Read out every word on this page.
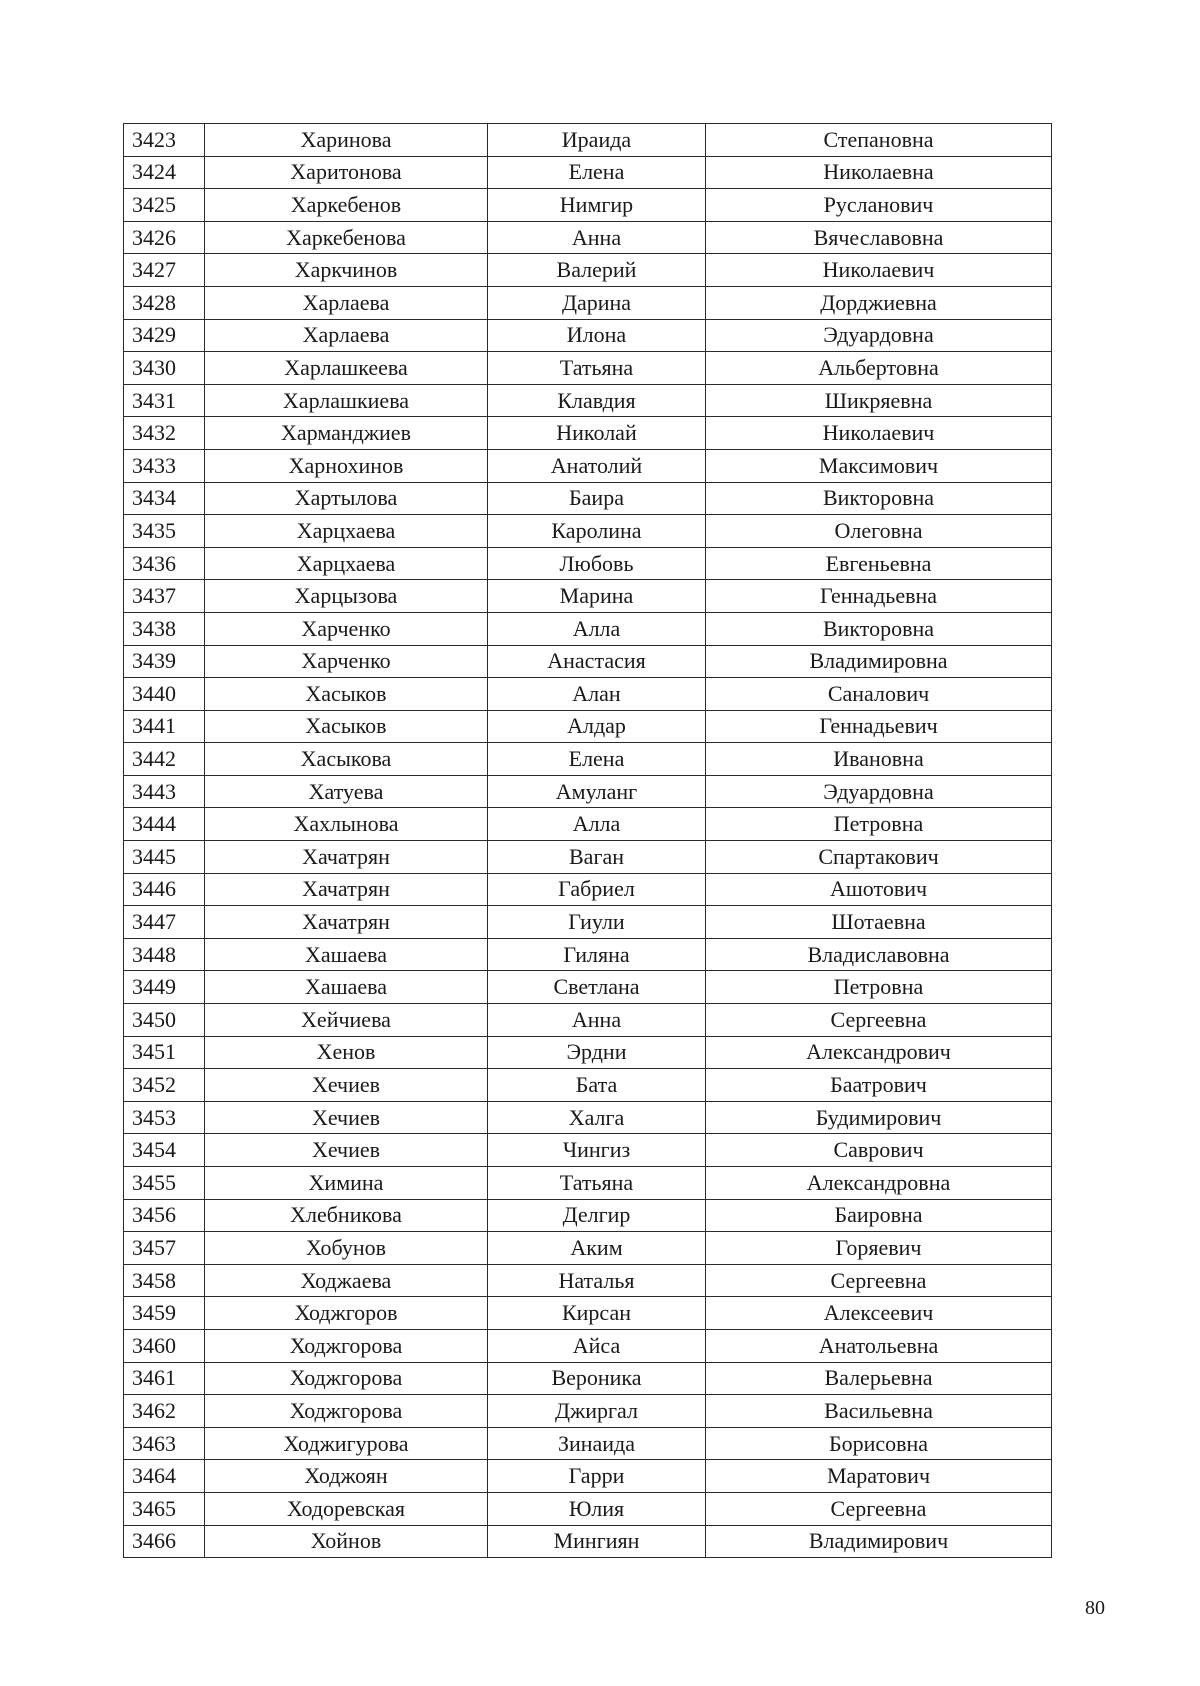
3423	Харинова	Ираида	Степановна
3424	Харитонова	Елена	Николаевна
3425	Харкебенов	Нимгир	Русланович
3426	Харкебенова	Анна	Вячеславовна
3427	Харкчинов	Валерий	Николаевич
3428	Харлаева	Дарина	Дорджиевна
3429	Харлаева	Илона	Эдуардовна
3430	Харлашкеева	Татьяна	Альбертовна
3431	Харлашкиева	Клавдия	Шикряевна
3432	Харманджиев	Николай	Николаевич
3433	Харнохинов	Анатолий	Максимович
3434	Хартылова	Баира	Викторовна
3435	Харцхаева	Каролина	Олеговна
3436	Харцхаева	Любовь	Евгеньевна
3437	Харцызова	Марина	Геннадьевна
3438	Харченко	Алла	Викторовна
3439	Харченко	Анастасия	Владимировна
3440	Хасыков	Алан	Саналович
3441	Хасыков	Алдар	Геннадьевич
3442	Хасыкова	Елена	Ивановна
3443	Хатуева	Амуланг	Эдуардовна
3444	Хахлынова	Алла	Петровна
3445	Хачатрян	Ваган	Спартакович
3446	Хачатрян	Габриел	Ашотович
3447	Хачатрян	Гиули	Шотаевна
3448	Хашаева	Гиляна	Владиславовна
3449	Хашаева	Светлана	Петровна
3450	Хейчиева	Анна	Сергеевна
3451	Хенов	Эрдни	Александрович
3452	Хечиев	Бата	Баатрович
3453	Хечиев	Халга	Будимирович
3454	Хечиев	Чингиз	Саврович
3455	Химина	Татьяна	Александровна
3456	Хлебникова	Делгир	Баировна
3457	Хобунов	Аким	Горяевич
3458	Ходжаева	Наталья	Сергеевна
3459	Ходжгоров	Кирсан	Алексеевич
3460	Ходжгорова	Айса	Анатольевна
3461	Ходжгорова	Вероника	Валерьевна
3462	Ходжгорова	Джиргал	Васильевна
3463	Ходжигурова	Зинаида	Борисовна
3464	Ходжоян	Гарри	Маратович
3465	Ходоревская	Юлия	Сергеевна
3466	Хойнов	Мингиян	Владимирович
80
